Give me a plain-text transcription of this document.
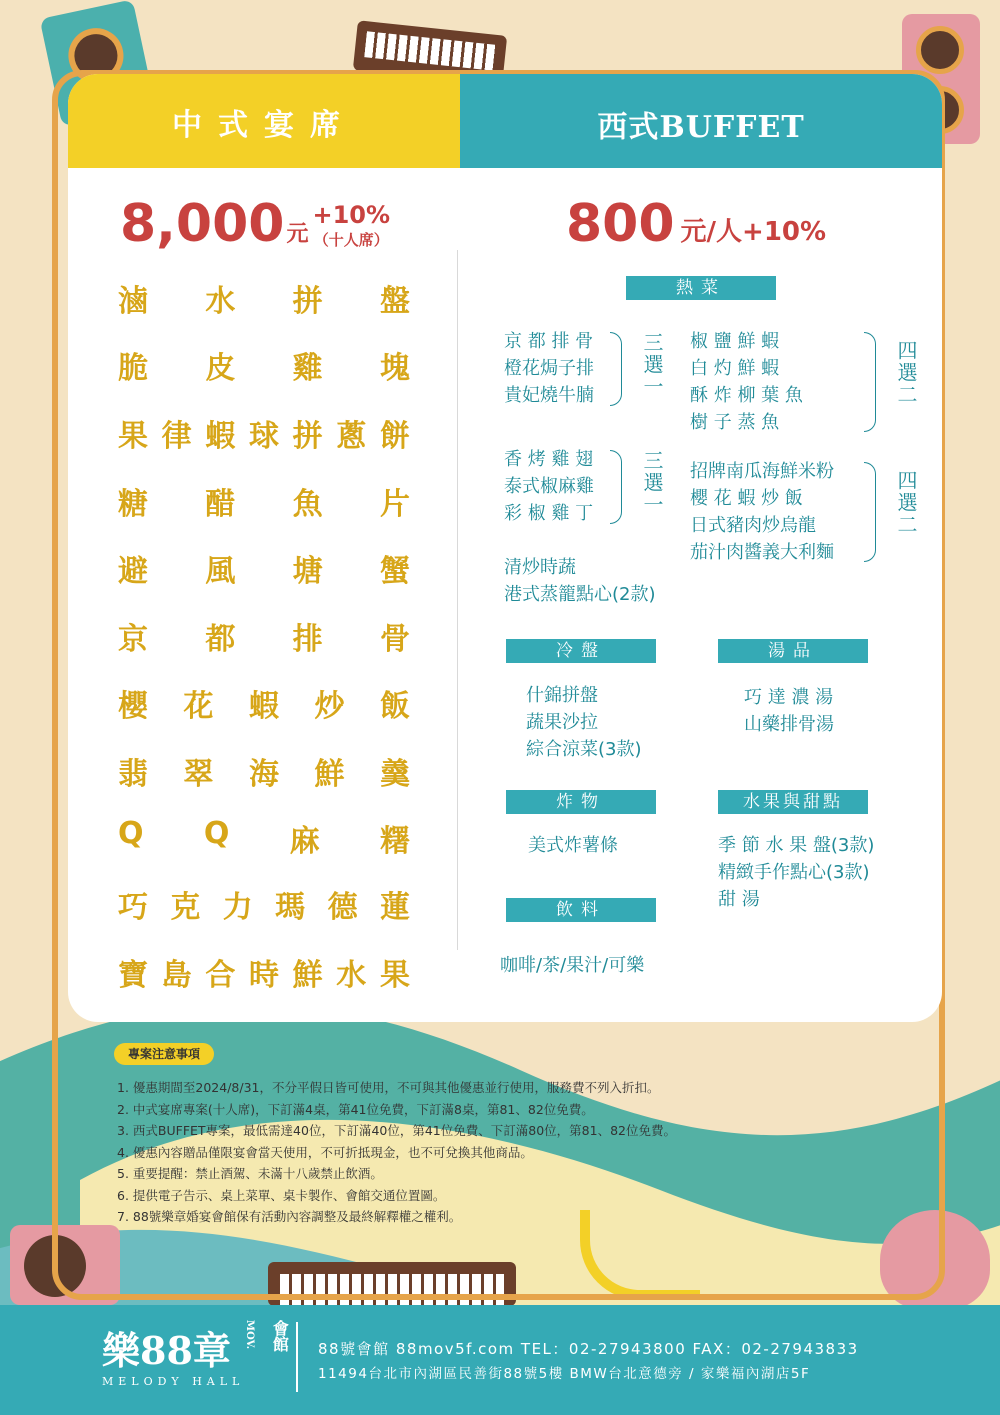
中式宴席	西式BUFFET
8,000 元
+10%
（十人席）	800 元/人+10%
滷 水 拼 盤
脆 皮 雞 塊
果 律 蝦 球 拼 蔥 餅
糖 醋 魚 片
避 風 塘 蟹
京 都 排 骨
櫻 花 蝦 炒 飯
翡 翠 海 鮮 羹
Q Q 麻 糬
巧 克 力 瑪 德 蓮
寶 島 合 時 鮮 水 果
熱菜
京 都 排 骨
橙花焗子排
貴妃燒牛腩 三選一 椒 鹽 鮮 蝦
白 灼 鮮 蝦
酥 炸 柳 葉 魚
樹 子 蒸 魚
四選二
香 烤 雞 翅
泰式椒麻雞
彩 椒 雞 丁 三選一 招牌南瓜海鮮米粉
櫻 花 蝦 炒 飯
日式豬肉炒烏龍
茄汁肉醬義大利麵
四選二
清炒時蔬
港式蒸籠點心(2款)
冷盤
什錦拼盤
蔬果沙拉
綜合涼菜(3款)
湯品
巧 達 濃 湯
山藥排骨湯
炸物
美式炸薯條
水果與甜點
季 節 水 果 盤(3款)
精緻手作點心(3款)
甜 湯
飲料
咖啡/茶/果汁/可樂
專案注意事項
1. 優惠期間至2024/8/31，不分平假日皆可使用，不可與其他優惠並行使用，服務費不列入折扣。
2. 中式宴席專案(十人席)，下訂滿4桌，第41位免費，下訂滿8桌，第81、82位免費。
3. 西式BUFFET專案，最低需達40位，下訂滿40位，第41位免費、下訂滿80位，第81、82位免費。
4. 優惠內容贈品僅限宴會當天使用，不可折抵現金，也不可兌換其他商品。
5. 重要提醒：禁止酒駕、未滿十八歲禁止飲酒。
6. 提供電子告示、桌上菜單、桌卡製作、會館交通位置圖。
7. 88號樂章婚宴會館保有活動內容調整及最終解釋權之權利。
樂88章 MOV. 會館
MELODY HALL
88號會館 88mov5f.com TEL：02-27943800 FAX：02-27943833
11494台北市內湖區民善街88號5樓 BMW台北意德旁 / 家樂福內湖店5F
